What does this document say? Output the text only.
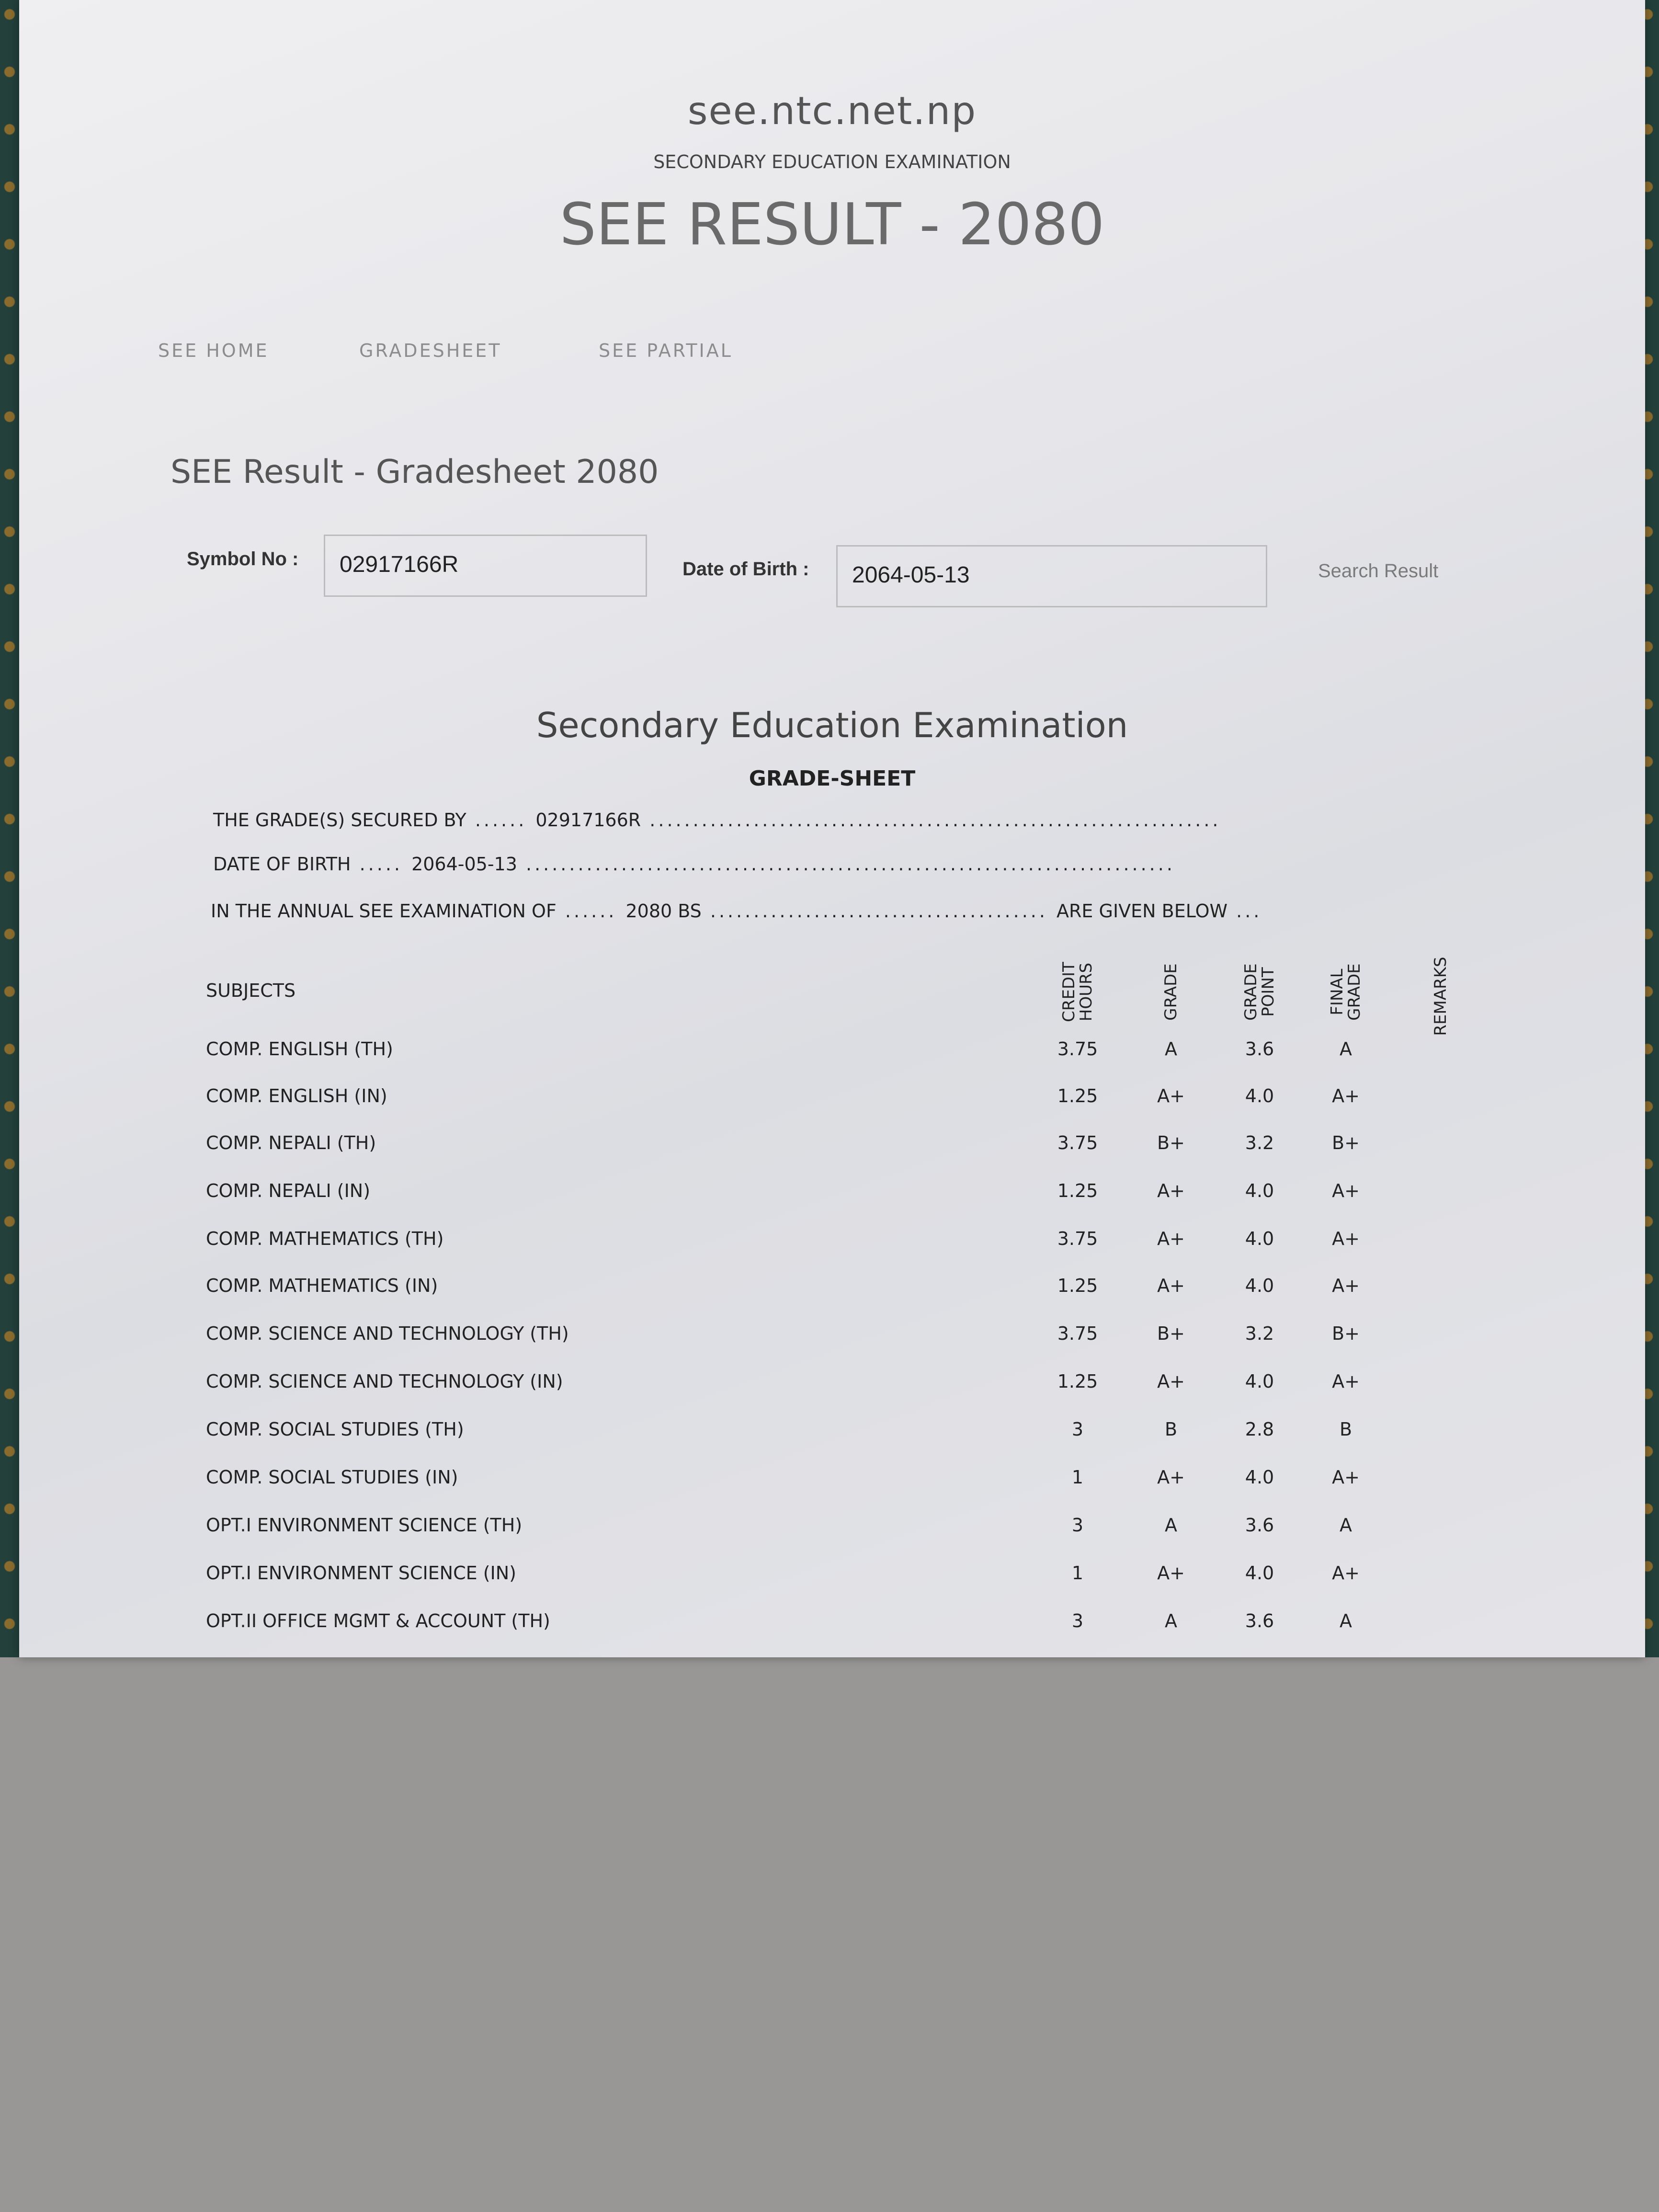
see.ntc.net.np
SECONDARY EDUCATION EXAMINATION
SEE RESULT - 2080
SEE HOME	GRADESHEET	SEE PARTIAL
SEE Result - Gradesheet 2080
Symbol No :	02917166R	Date of Birth :	2064-05-13	Search Result
Secondary Education Examination
GRADE-SHEET
THE GRADE(S) SECURED BY ...... 02917166R ..................................................................
DATE OF BIRTH ..... 2064-05-13 ...........................................................................
IN THE ANNUAL SEE EXAMINATION OF ...... 2080 BS ....................................... ARE GIVEN BELOW ...
SUBJECTS	CREDIT HOURS	GRADE	GRADE POINT	FINAL GRADE	REMARKS
COMP. ENGLISH (TH)	3.75	A	3.6	A
COMP. ENGLISH (IN)	1.25	A+	4.0	A+
COMP. NEPALI (TH)	3.75	B+	3.2	B+
COMP. NEPALI (IN)	1.25	A+	4.0	A+
COMP. MATHEMATICS (TH)	3.75	A+	4.0	A+
COMP. MATHEMATICS (IN)	1.25	A+	4.0	A+
COMP. SCIENCE AND TECHNOLOGY (TH)	3.75	B+	3.2	B+
COMP. SCIENCE AND TECHNOLOGY (IN)	1.25	A+	4.0	A+
COMP. SOCIAL STUDIES (TH)	3	B	2.8	B
COMP. SOCIAL STUDIES (IN)	1	A+	4.0	A+
OPT.I ENVIRONMENT SCIENCE (TH)	3	A	3.6	A
OPT.I ENVIRONMENT SCIENCE (IN)	1	A+	4.0	A+
OPT.II OFFICE MGMT & ACCOUNT (TH)	3	A	3.6	A
